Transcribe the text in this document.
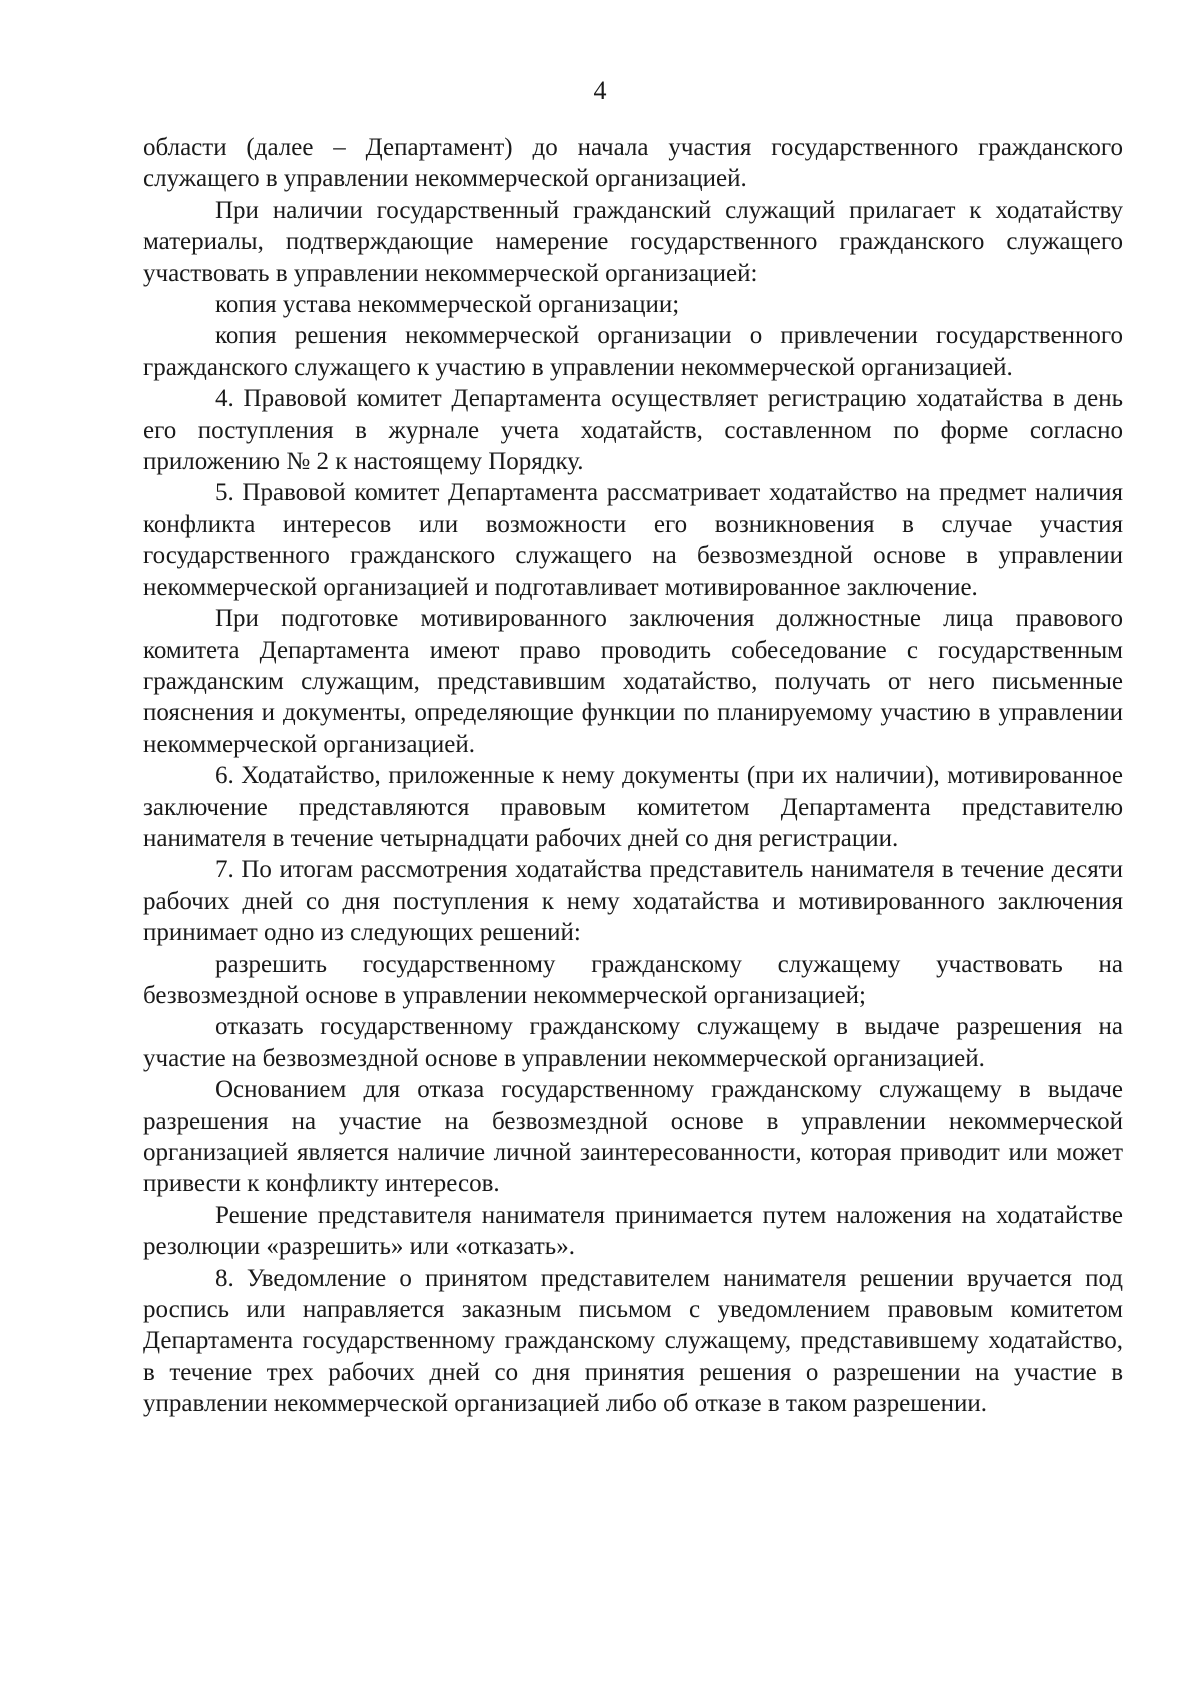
4

области (далее – Департамент) до начала участия государственного гражданского служащего в управлении некоммерческой организацией.

При наличии государственный гражданский служащий прилагает к ходатайству материалы, подтверждающие намерение государственного гражданского служащего участвовать в управлении некоммерческой организацией:

копия устава некоммерческой организации;

копия решения некоммерческой организации о привлечении государственного гражданского служащего к участию в управлении некоммерческой организацией.

4. Правовой комитет Департамента осуществляет регистрацию ходатайства в день его поступления в журнале учета ходатайств, составленном по форме согласно приложению № 2 к настоящему Порядку.

5. Правовой комитет Департамента рассматривает ходатайство на предмет наличия конфликта интересов или возможности его возникновения в случае участия государственного гражданского служащего на безвозмездной основе в управлении некоммерческой организацией и подготавливает мотивированное заключение.

При подготовке мотивированного заключения должностные лица правового комитета Департамента имеют право проводить собеседование с государственным гражданским служащим, представившим ходатайство, получать от него письменные пояснения и документы, определяющие функции по планируемому участию в управлении некоммерческой организацией.

6. Ходатайство, приложенные к нему документы (при их наличии), мотивированное заключение представляются правовым комитетом Департамента представителю нанимателя в течение четырнадцати рабочих дней со дня регистрации.

7. По итогам рассмотрения ходатайства представитель нанимателя в течение десяти рабочих дней со дня поступления к нему ходатайства и мотивированного заключения принимает одно из следующих решений:

разрешить государственному гражданскому служащему участвовать на безвозмездной основе в управлении некоммерческой организацией;

отказать государственному гражданскому служащему в выдаче разрешения на участие на безвозмездной основе в управлении некоммерческой организацией.

Основанием для отказа государственному гражданскому служащему в выдаче разрешения на участие на безвозмездной основе в управлении некоммерческой организацией является наличие личной заинтересованности, которая приводит или может привести к конфликту интересов.

Решение представителя нанимателя принимается путем наложения на ходатайстве резолюции «разрешить» или «отказать».

8. Уведомление о принятом представителем нанимателя решении вручается под роспись или направляется заказным письмом с уведомлением правовым комитетом Департамента государственному гражданскому служащему, представившему ходатайство, в течение трех рабочих дней со дня принятия решения о разрешении на участие в управлении некоммерческой организацией либо об отказе в таком разрешении.
